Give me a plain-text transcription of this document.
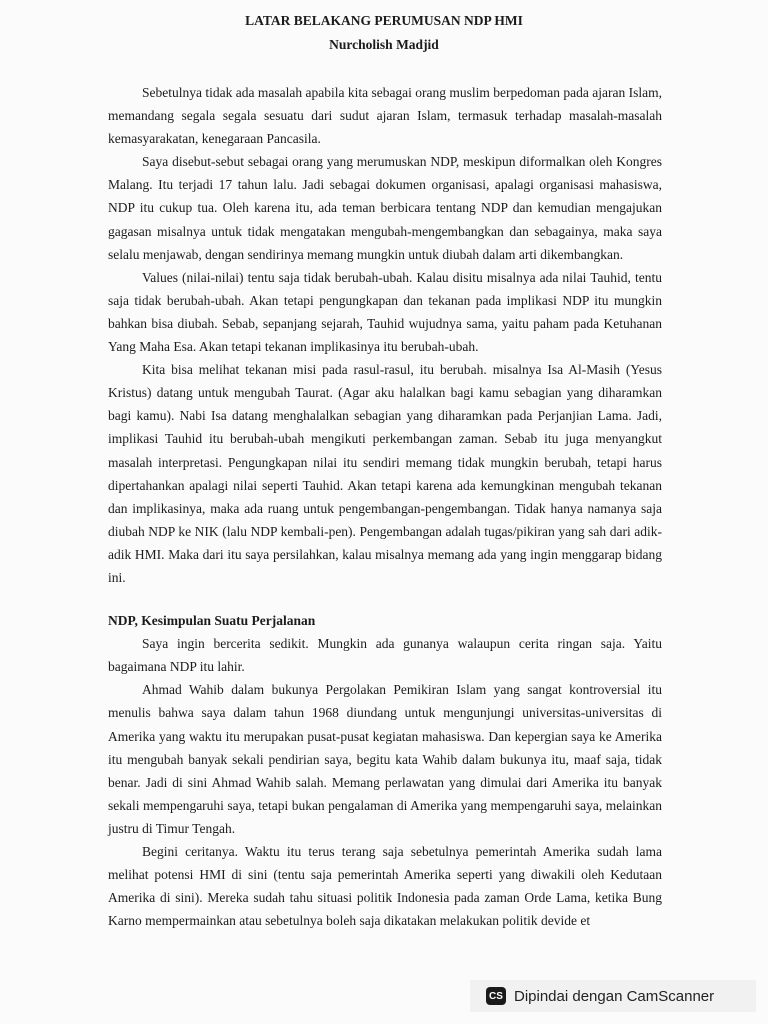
LATAR BELAKANG PERUMUSAN NDP HMI
Nurcholish Madjid

Sebetulnya tidak ada masalah apabila kita sebagai orang muslim berpedoman pada ajaran Islam, memandang segala segala sesuatu dari sudut ajaran Islam, termasuk terhadap masalah-masalah kemasyarakatan, kenegaraan Pancasila.

Saya disebut-sebut sebagai orang yang merumuskan NDP, meskipun diformalkan oleh Kongres Malang. Itu terjadi 17 tahun lalu. Jadi sebagai dokumen organisasi, apalagi organisasi mahasiswa, NDP itu cukup tua. Oleh karena itu, ada teman berbicara tentang NDP dan kemudian mengajukan gagasan misalnya untuk tidak mengatakan mengubah-mengembangkan dan sebagainya, maka saya selalu menjawab, dengan sendirinya memang mungkin untuk diubah dalam arti dikembangkan.

Values (nilai-nilai) tentu saja tidak berubah-ubah. Kalau disitu misalnya ada nilai Tauhid, tentu saja tidak berubah-ubah. Akan tetapi pengungkapan dan tekanan pada implikasi NDP itu mungkin bahkan bisa diubah. Sebab, sepanjang sejarah, Tauhid wujudnya sama, yaitu paham pada Ketuhanan Yang Maha Esa. Akan tetapi tekanan implikasinya itu berubah-ubah.

Kita bisa melihat tekanan misi pada rasul-rasul, itu berubah. misalnya Isa Al-Masih (Yesus Kristus) datang untuk mengubah Taurat. (Agar aku halalkan bagi kamu sebagian yang diharamkan bagi kamu). Nabi Isa datang menghalalkan sebagian yang diharamkan pada Perjanjian Lama. Jadi, implikasi Tauhid itu berubah-ubah mengikuti perkembangan zaman. Sebab itu juga menyangkut masalah interpretasi. Pengungkapan nilai itu sendiri memang tidak mungkin berubah, tetapi harus dipertahankan apalagi nilai seperti Tauhid. Akan tetapi karena ada kemungkinan mengubah tekanan dan implikasinya, maka ada ruang untuk pengembangan-pengembangan. Tidak hanya namanya saja diubah NDP ke NIK (lalu NDP kembali-pen). Pengembangan adalah tugas/pikiran yang sah dari adik-adik HMI. Maka dari itu saya persilahkan, kalau misalnya memang ada yang ingin menggarap bidang ini.

NDP, Kesimpulan Suatu Perjalanan

Saya ingin bercerita sedikit. Mungkin ada gunanya walaupun cerita ringan saja. Yaitu bagaimana NDP itu lahir.

Ahmad Wahib dalam bukunya Pergolakan Pemikiran Islam yang sangat kontroversial itu menulis bahwa saya dalam tahun 1968 diundang untuk mengunjungi universitas-universitas di Amerika yang waktu itu merupakan pusat-pusat kegiatan mahasiswa. Dan kepergian saya ke Amerika itu mengubah banyak sekali pendirian saya, begitu kata Wahib dalam bukunya itu, maaf saja, tidak benar. Jadi di sini Ahmad Wahib salah. Memang perlawatan yang dimulai dari Amerika itu banyak sekali mempengaruhi saya, tetapi bukan pengalaman di Amerika yang mempengaruhi saya, melainkan justru di Timur Tengah.

Begini ceritanya. Waktu itu terus terang saja sebetulnya pemerintah Amerika sudah lama melihat potensi HMI di sini (tentu saja pemerintah Amerika seperti yang diwakili oleh Kedutaan Amerika di sini). Mereka sudah tahu situasi politik Indonesia pada zaman Orde Lama, ketika Bung Karno mempermainkan atau sebetulnya boleh saja dikatakan melakukan politik devide et

CS Dipindai dengan CamScanner
